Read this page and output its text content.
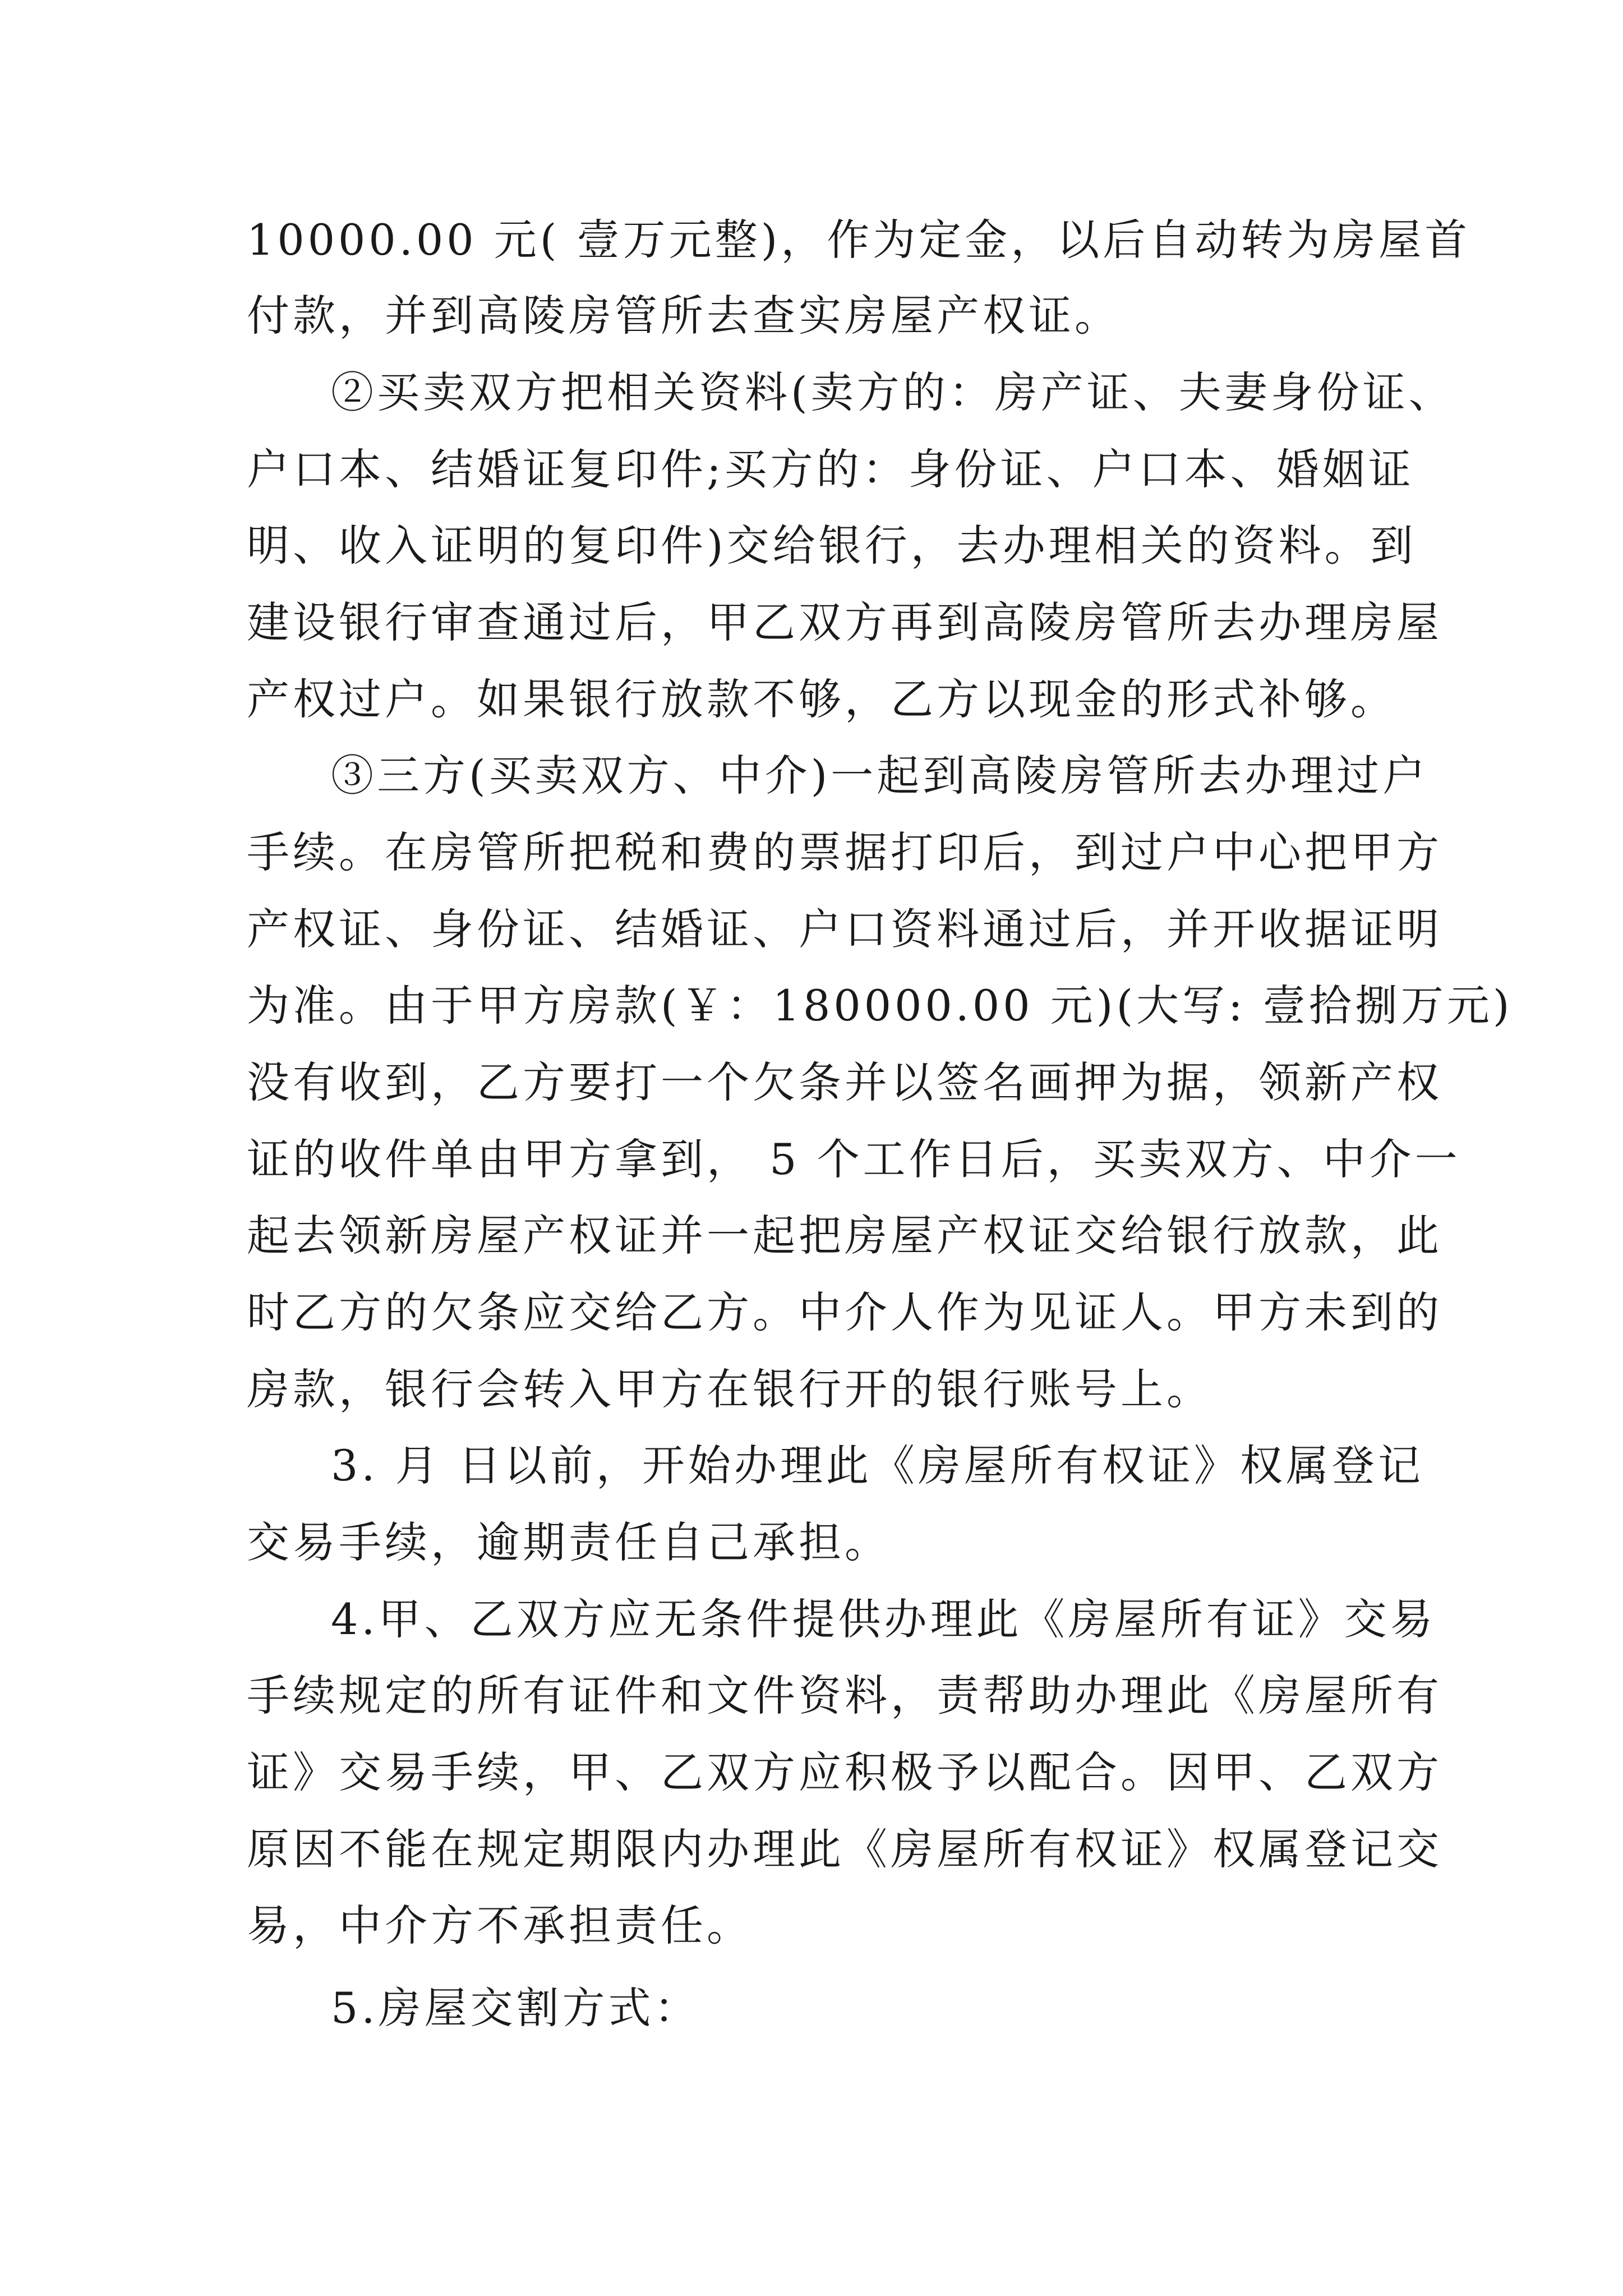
10000.00 元( 壹万元整)，作为定金，以后自动转为房屋首
付款，并到高陵房管所去查实房屋产权证。
②买卖双方把相关资料(卖方的：房产证、夫妻身份证、
户口本、结婚证复印件;买方的：身份证、户口本、婚姻证
明、收入证明的复印件)交给银行，去办理相关的资料。到
建设银行审查通过后，甲乙双方再到高陵房管所去办理房屋
产权过户。如果银行放款不够，乙方以现金的形式补够。
③三方(买卖双方、中介)一起到高陵房管所去办理过户
手续。在房管所把税和费的票据打印后，到过户中心把甲方
产权证、身份证、结婚证、户口资料通过后，并开收据证明
为准。由于甲方房款(￥：180000.00 元)(大写: 壹拾捌万元)
没有收到，乙方要打一个欠条并以签名画押为据，领新产权
证的收件单由甲方拿到， 5 个工作日后，买卖双方、中介一
起去领新房屋产权证并一起把房屋产权证交给银行放款，此
时乙方的欠条应交给乙方。中介人作为见证人。甲方未到的
房款，银行会转入甲方在银行开的银行账号上。
3. 月 日以前，开始办理此《房屋所有权证》权属登记
交易手续，逾期责任自己承担。
4.甲、乙双方应无条件提供办理此《房屋所有证》交易
手续规定的所有证件和文件资料，责帮助办理此《房屋所有
证》交易手续，甲、乙双方应积极予以配合。因甲、乙双方
原因不能在规定期限内办理此《房屋所有权证》权属登记交
易，中介方不承担责任。
5.房屋交割方式：
